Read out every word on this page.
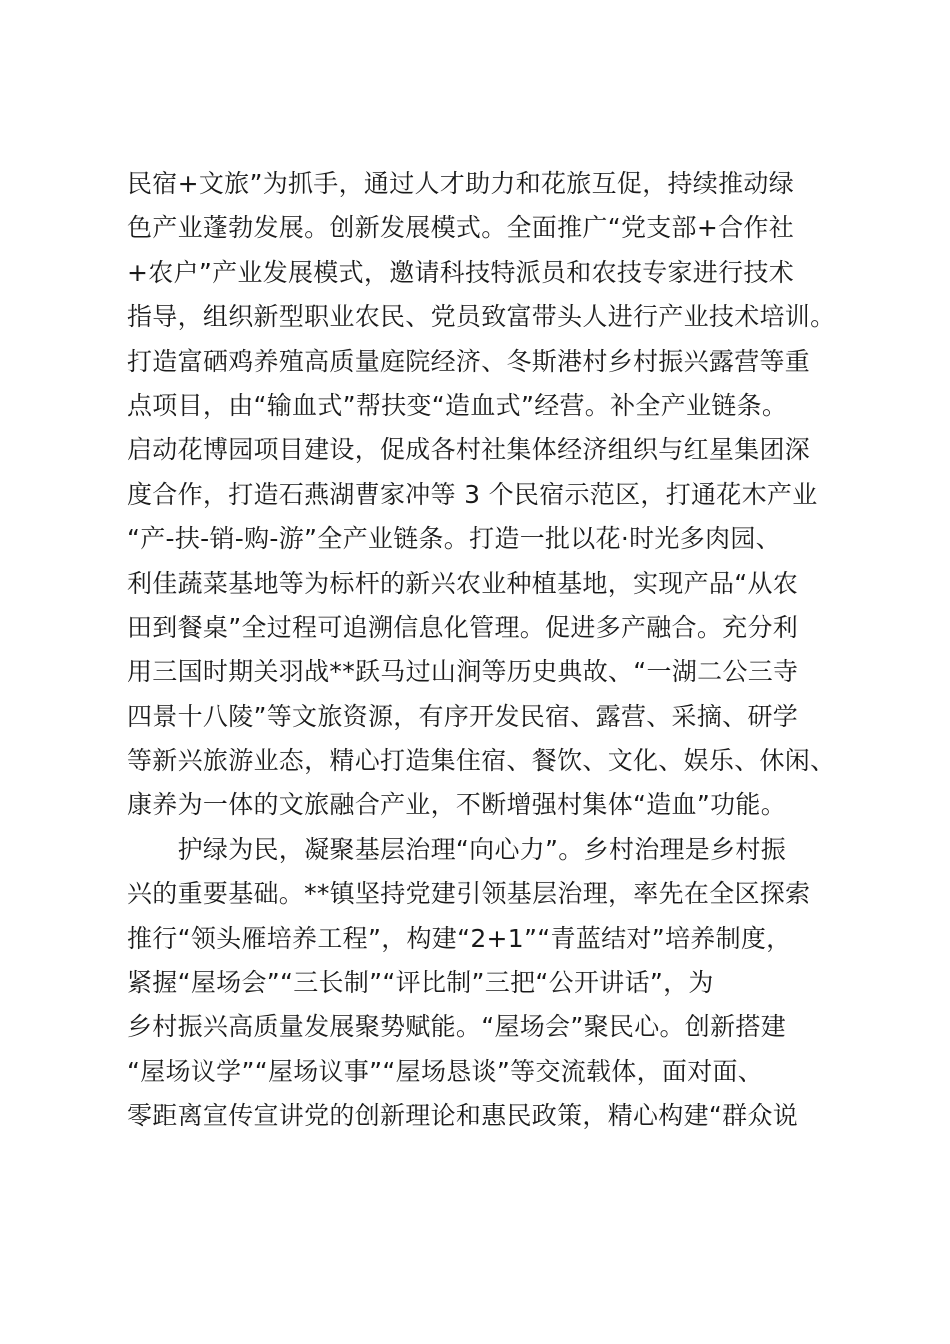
民宿+文旅”为抓手，通过人才助力和花旅互促，持续推动绿
色产业蓬勃发展。创新发展模式。全面推广“党支部+合作社
+农户”产业发展模式，邀请科技特派员和农技专家进行技术
指导，组织新型职业农民、党员致富带头人进行产业技术培训。
打造富硒鸡养殖高质量庭院经济、冬斯港村乡村振兴露营等重
点项目，由“输血式”帮扶变“造血式”经营。补全产业链条。
启动花博园项目建设，促成各村社集体经济组织与红星集团深
度合作，打造石燕湖曹家冲等 3 个民宿示范区，打通花木产业
“产-扶-销-购-游”全产业链条。打造一批以花·时光多肉园、
利佳蔬菜基地等为标杆的新兴农业种植基地，实现产品“从农
田到餐桌”全过程可追溯信息化管理。促进多产融合。充分利
用三国时期关羽战**跃马过山涧等历史典故、“一湖二公三寺
四景十八陵”等文旅资源，有序开发民宿、露营、采摘、研学
等新兴旅游业态，精心打造集住宿、餐饮、文化、娱乐、休闲、
康养为一体的文旅融合产业，不断增强村集体“造血”功能。
　　护绿为民，凝聚基层治理“向心力”。乡村治理是乡村振
兴的重要基础。**镇坚持党建引领基层治理，率先在全区探索
推行“领头雁培养工程”，构建“2+1”“青蓝结对”培养制度，
紧握“屋场会”“三长制”“评比制”三把“公开讲话”，为
乡村振兴高质量发展聚势赋能。“屋场会”聚民心。创新搭建
“屋场议学”“屋场议事”“屋场恳谈”等交流载体，面对面、
零距离宣传宣讲党的创新理论和惠民政策，精心构建“群众说
